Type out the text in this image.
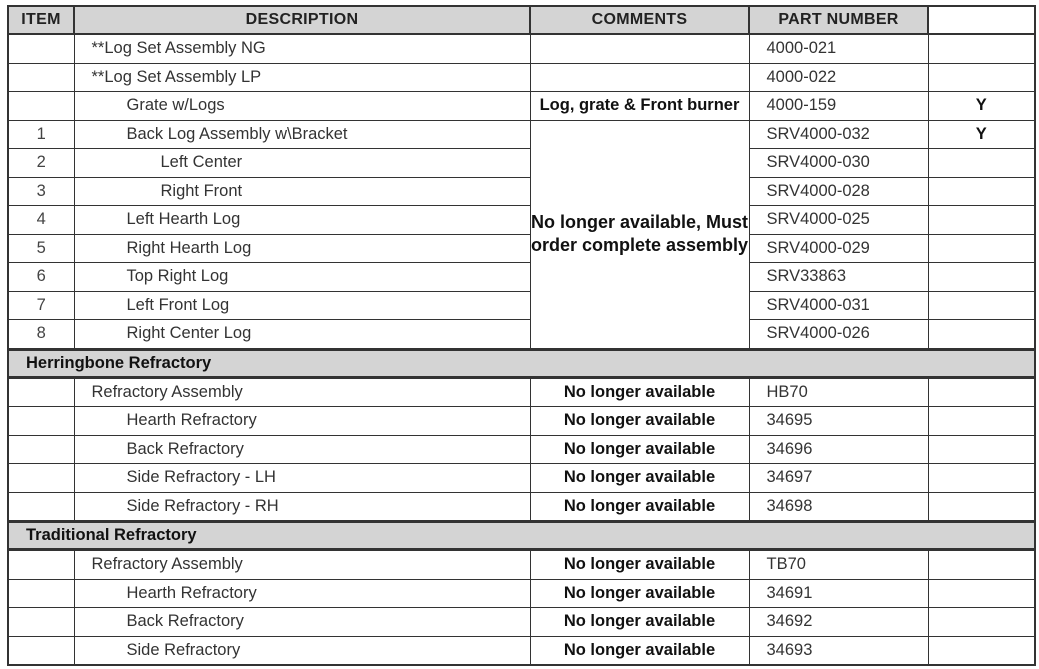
ITEM	DESCRIPTION	COMMENTS	PART NUMBER	
	**Log Set Assembly NG		4000-021	
	**Log Set Assembly LP		4000-022	
	Grate w/Logs	Log, grate & Front burner	4000-159	Y
1	Back Log Assembly w\Bracket	No longer available, Must order complete assembly	SRV4000-032	Y
2	Left Center		SRV4000-030	
3	Right Front		SRV4000-028	
4	Left Hearth Log		SRV4000-025	
5	Right Hearth Log		SRV4000-029	
6	Top Right Log		SRV33863	
7	Left Front Log		SRV4000-031	
8	Right Center Log		SRV4000-026	
Herringbone Refractory				
	Refractory Assembly	No longer available	HB70	
	Hearth Refractory	No longer available	34695	
	Back Refractory	No longer available	34696	
	Side Refractory - LH	No longer available	34697	
	Side Refractory - RH	No longer available	34698	
Traditional Refractory				
	Refractory Assembly	No longer available	TB70	
	Hearth Refractory	No longer available	34691	
	Back Refractory	No longer available	34692	
	Side Refractory	No longer available	34693	
